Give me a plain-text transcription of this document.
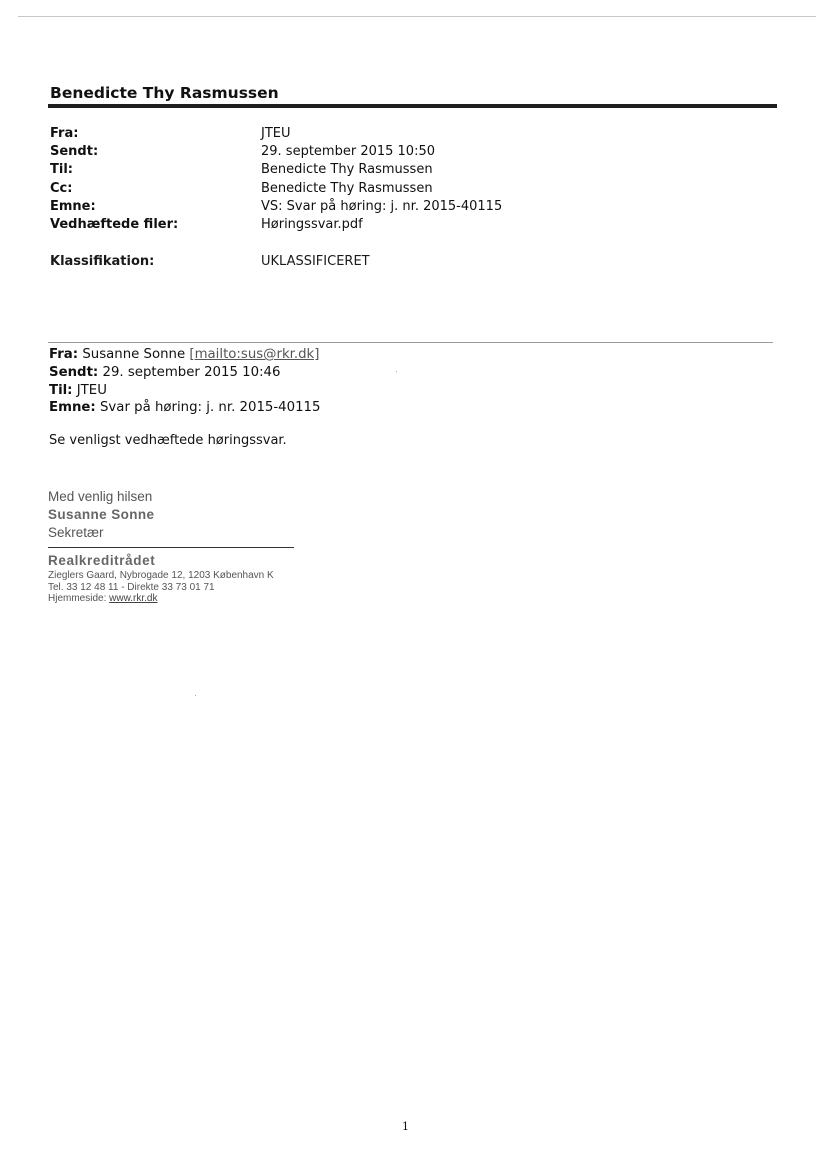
Benedicte Thy Rasmussen
Fra:	JTEU
Sendt:	29. september 2015 10:50
Til:	Benedicte Thy Rasmussen
Cc:	Benedicte Thy Rasmussen
Emne:	VS: Svar på høring: j. nr. 2015-40115
Vedhæftede filer:	Høringssvar.pdf
Klassifikation:	UKLASSIFICERET
Fra: Susanne Sonne [mailto:sus@rkr.dk]
Sendt: 29. september 2015 10:46
Til: JTEU
Emne: Svar på høring: j. nr. 2015-40115
Se venligst vedhæftede høringssvar.
Med venlig hilsen
Susanne Sonne
Sekretær
Realkreditrådet
Zieglers Gaard, Nybrogade 12, 1203 København K
Tel. 33 12 48 11 - Direkte 33 73 01 71
Hjemmeside: www.rkr.dk
1
